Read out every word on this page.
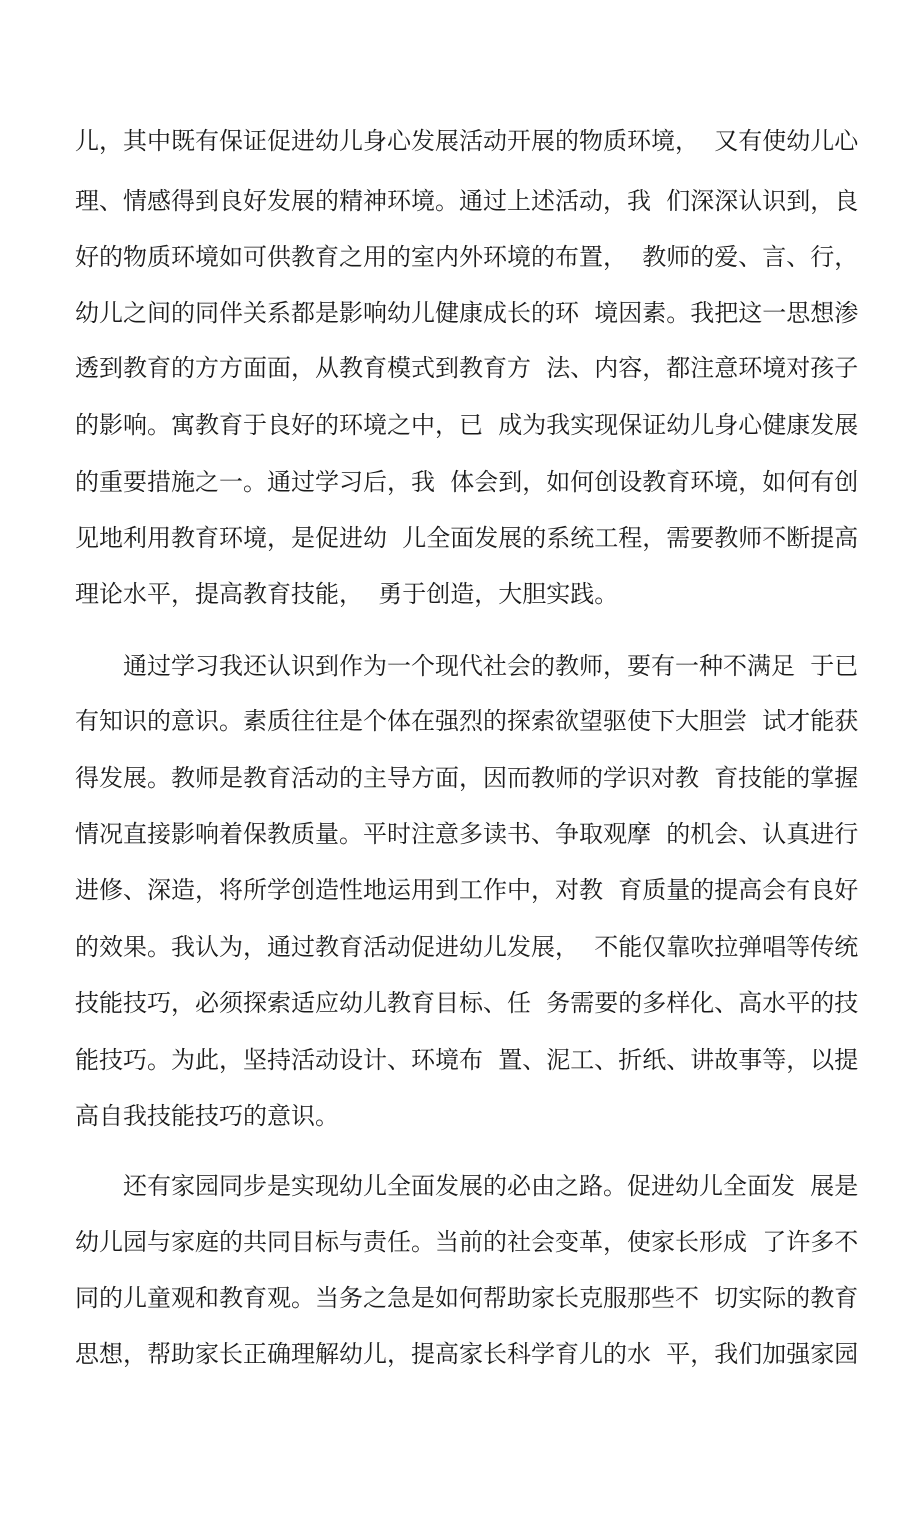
儿，其中既有保证促进幼儿身心发展活动开展的物质环境，  又有使幼儿心

理、情感得到良好发展的精神环境。通过上述活动，我  们深深认识到，良

好的物质环境如可供教育之用的室内外环境的布置，  教师的爱、言、行，

幼儿之间的同伴关系都是影响幼儿健康成长的环  境因素。我把这一思想渗

透到教育的方方面面，从教育模式到教育方  法、内容，都注意环境对孩子

的影响。寓教育于良好的环境之中，已  成为我实现保证幼儿身心健康发展

的重要措施之一。通过学习后，我  体会到，如何创设教育环境，如何有创

见地利用教育环境，是促进幼  儿全面发展的系统工程，需要教师不断提高

理论水平，提高教育技能，  勇于创造，大胆实践。

通过学习我还认识到作为一个现代社会的教师，要有一种不满足  于已

有知识的意识。素质往往是个体在强烈的探索欲望驱使下大胆尝  试才能获

得发展。教师是教育活动的主导方面，因而教师的学识对教  育技能的掌握

情况直接影响着保教质量。平时注意多读书、争取观摩  的机会、认真进行

进修、深造，将所学创造性地运用到工作中，对教  育质量的提高会有良好

的效果。我认为，通过教育活动促进幼儿发展，  不能仅靠吹拉弹唱等传统

技能技巧，必须探索适应幼儿教育目标、任  务需要的多样化、高水平的技

能技巧。为此，坚持活动设计、环境布  置、泥工、折纸、讲故事等，以提

高自我技能技巧的意识。

还有家园同步是实现幼儿全面发展的必由之路。促进幼儿全面发  展是

幼儿园与家庭的共同目标与责任。当前的社会变革，使家长形成  了许多不

同的儿童观和教育观。当务之急是如何帮助家长克服那些不  切实际的教育

思想，帮助家长正确理解幼儿，提高家长科学育儿的水  平，我们加强家园
